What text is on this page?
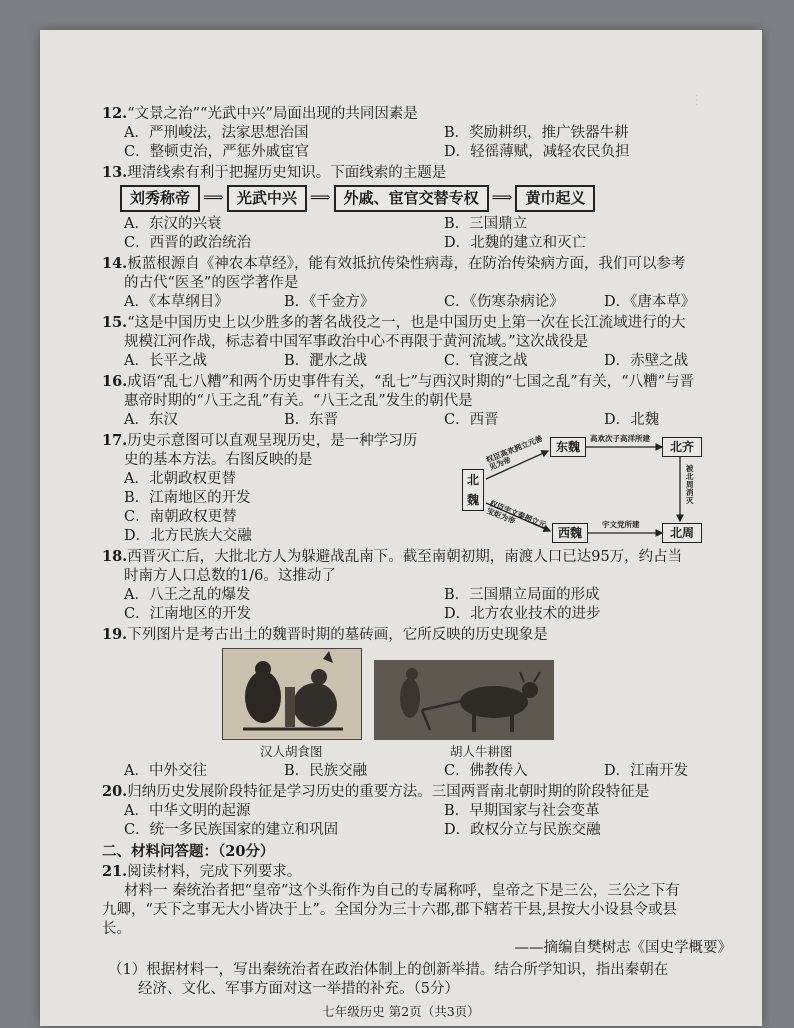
︙
12.“文景之治”“光武中兴”局面出现的共同因素是
A．严刑峻法，法家思想治国	B．奖励耕织，推广铁器牛耕
C．整顿吏治，严惩外戚宦官	D．轻徭薄赋，减轻农民负担
13.理清线索有利于把握历史知识。下面线索的主题是
刘秀称帝 ⟹ 光武中兴 ⟹ 外戚、宦官交替专权 ⟹ 黄巾起义
A．东汉的兴衰	B．三国鼎立
C．西晋的政治统治	D．北魏的建立和灭亡
14.板蓝根源自《神农本草经》，能有效抵抗传染性病毒，在防治传染病方面，我们可以参考
的古代“医圣”的医学著作是
A．《本草纲目》	B．《千金方》	C．《伤寒杂病论》	D．《唐本草》
15.“这是中国历史上以少胜多的著名战役之一，也是中国历史上第一次在长江流域进行的大
规模江河作战，标志着中国军事政治中心不再限于黄河流域。”这次战役是
A．长平之战	B．淝水之战	C．官渡之战	D．赤壁之战
16.成语“乱七八糟”和两个历史事件有关，“乱七”与西汉时期的“七国之乱”有关，“八糟”与晋
惠帝时期的“八王之乱”有关。“八王之乱”发生的朝代是
A．东汉	B．东晋	C．西晋	D．北魏
17.历史示意图可以直观呈现历史，是一种学习历
史的基本方法。右图反映的是
A．北朝政权更替
B．江南地区的开发
C．南朝政权更替
D．北方民族大交融
北魏
东魏
西魏
北齐
北周
权臣高欢拥立元善见为帝
权臣宇文泰拥立元宝炬为帝
高欢次子高洋所建
宇文党所建
被北周消灭
18.西晋灭亡后，大批北方人为躲避战乱南下。截至南朝初期，南渡人口已达95万，约占当
时南方人口总数的1/6。这推动了
A．八王之乱的爆发	B．三国鼎立局面的形成
C．江南地区的开发	D．北方农业技术的进步
19.下列图片是考古出土的魏晋时期的墓砖画，它所反映的历史现象是
汉人胡食图	胡人牛耕图
A．中外交往	B．民族交融	C．佛教传入	D．江南开发
20.归纳历史发展阶段特征是学习历史的重要方法。三国两晋南北朝时期的阶段特征是
A．中华文明的起源	B．早期国家与社会变革
C．统一多民族国家的建立和巩固	D．政权分立与民族交融
二、材料问答题：（20分）
21.阅读材料，完成下列要求。
材料一 秦统治者把“皇帝”这个头衔作为自己的专属称呼，皇帝之下是三公，三公之下有
九卿，“天下之事无大小皆决于上”。全国分为三十六郡,郡下辖若干县,县按大小设县令或县
长。
——摘编自樊树志《国史学概要》
（1）根据材料一，写出秦统治者在政治体制上的创新举措。结合所学知识，指出秦朝在
经济、文化、军事方面对这一举措的补充。（5分）
七年级历史 第2页（共3页）
